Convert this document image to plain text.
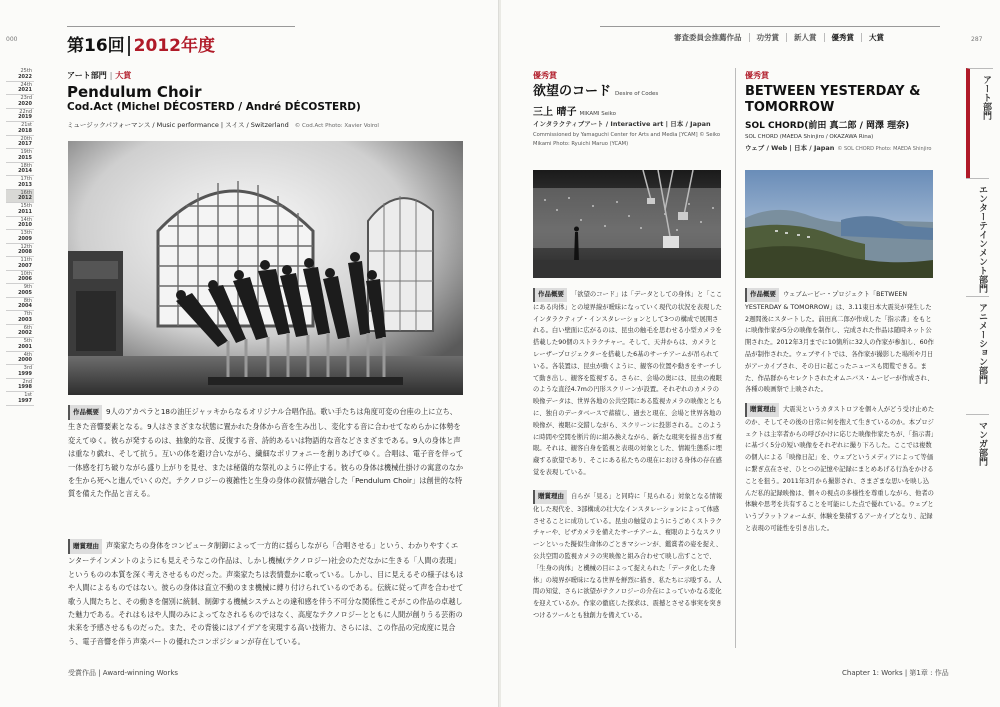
000
25th
2022
24th
2021
23rd
2020
22nd
2019
21st
2018
20th
2017
19th
2015
18th
2014
17th
2013
16th
2012
15th
2011
14th
2010
13th
2009
12th
2008
11th
2007
10th
2006
9th
2005
8th
2004
7th
2003
6th
2002
5th
2001
4th
2000
3rd
1999
2nd
1998
1st
1997
第16回 2012年度
アート部門 | 大賞
Pendulum Choir
Cod.Act (Michel DÉCOSTERD / André DÉCOSTERD)
ミュージックパフォーマンス / Music performance | スイス / Switzerland © Cod.Act Photo: Xavier Voirol
作品概要 9人のアカペラと18の油圧ジャッキからなるオリジナル合唱作品。歌い手たちは角度可変の台座の上に立ち、生きた音響要素となる。9人はさまざまな状態に置かれた身体から音を生み出し、変化する音に合わせてなめらかに体勢を変えてゆく。彼らが発するのは、抽象的な音、反復する音、詩的あるいは物語的な音などさまざまである。9人の身体と声は重なり戯れ、そして抗う。互いの体を避け合いながら、繊細なポリフォニーを創りあげてゆく。合唱は、電子音を伴って一体感を打ち破りながら盛り上がりを見せ、または秘儀的な祭礼のように停止する。彼らの身体は機械仕掛けの寓意のなかを生から死へと進んでいくのだ。テクノロジーの複雑性と生身の身体の叙情が融合した「Pendulum Choir」は創世的な特質を備えた作品と言える。
贈賞理由 声楽家たちの身体をコンピュータ制御によって一方的に揺らしながら「合唱させる」という、わかりやすくエンターテインメントのようにも見えそうなこの作品は、しかし機械(テクノロジー)社会のただなかに生きる「人間の表現」というものの本質を深く考えさせるものだった。声楽家たちは表情豊かに歌っている。しかし、目に見えるその様子はもはや人間によるものではない。彼らの身体は直立不動のまま機械に縛り付けられているのである。伝統に従って声を合わせて歌う人間たちと、その動きを個別に統制、制御する機械システムとの違和感を伴う不可分な関係性こそがこの作品の卓越した魅力である。それはもはや人間のみによってなされるものではなく、高度なテクノロジーとともに人間が創りうる芸術の未来を予感させるものだった。また、その背後にはアイデアを実現する高い技術力、さらには、この作品の完成度に見合う、電子音響を伴う声楽パートの優れたコンポジションが存在している。
受賞作品 | Award-winning Works
287
審査委員会推薦作品 功労賞 新人賞 優秀賞 大賞
優秀賞
欲望のコード Desire of Codes
三上 晴子 MIKAMI Seiko
インタラクティブアート / Interactive art | 日本 / Japan
Commissioned by Yamaguchi Center for Arts and Media [YCAM] © Seiko Mikami Photo: Ryuichi Maruo (YCAM)
作品概要 「欲望のコード」は「データとしての身体」と「ここにある肉体」との境界線が曖昧になっていく現代の状況を表現したインタラクティブ・インスタレーションとして3つの構成で展開される。白い壁面に広がるのは、昆虫の触毛を思わせる小型カメラを搭載した90個のストラクチャー。そして、天井からは、カメラとレーザープロジェクターを搭載した6基のサーチアームが吊られている。各装置は、昆虫が動くように、観客の位置や動きをサーチして動き出し、観客を監視する。さらに、会場の奥には、昆虫の複眼のような直径4.7mの円形スクリーンが設置。それぞれのカメラの映像データは、世界各地の公共空間にある監視カメラの映像とともに、独自のデータベースで蓄積し、過去と現在、会場と世界各地の映像が、複眼に交錯しながら、スクリーンに投影される。このように時間や空間を断片的に組み換えながら、新たな現実を描き出す複眼。それは、観客自身を監視と表現の対象とした、情報生態系に埋蔵する欲望であり、そこにある私たちの現在における身体の存在感覚を表現している。
贈賞理由 自らが「見る」と同時に「見られる」対象となる情報化した現代を、3部構成の壮大なインスタレーションによって体感させることに成功している。昆虫の触覚のようにうごめくストラクチャーや、ピザカメラを備えたサーチアーム、複眼のようなスクリーンといった擬似生命体のごときマシーンが、鑑賞者の姿を捉え、公共空間の監視カメラの実映像と組み合わせて映し出すことで、「生身の肉体」と機械の目によって捉えられた「データ化した身体」の境界が曖昧になる世界を鮮烈に描き、私たちに示唆する。人間の知覚、さらに欲望がテクノロジーの介在によっていかなる変化を迎えているか。作家の徹底した探求は、震撼とさせる事実を突きつけるツールとも独創力を備えている。
優秀賞
BETWEEN YESTERDAY & TOMORROW
SOL CHORD(前田 真二郎 / 岡澤 理奈)
SOL CHORD (MAEDA Shinjiro / OKAZAWA Rina)
ウェブ / Web | 日本 / Japan © SOL CHORD Photo: MAEDA Shinjiro
作品概要 ウェブムービー・プロジェクト「BETWEEN YESTERDAY & TOMORROW」は、3.11東日本大震災が発生した2週間後にスタートした。前田真二郎が作成した「指示書」をもとに映像作家が5分の映像を制作し、完成された作品は随時ネット公開された。2012年3月までに10箇所に32人の作家が参加し、60作品が制作された。ウェブサイトでは、各作家が撮影した場所や月日がアーカイブされ、その日に起こったニュースも閲覧できる。また、作品群からセレクトされたオムニバス・ムービーが作成され、各種の映画祭で上映された。
贈賞理由 大震災というカタストロフを個々人がどう受け止めたのか、そしてその後の日常に何を抱えて生きているのか。本プロジェクトは主宰者からの呼びかけに応じた映像作家たちが、「指示書」に基づく5分の短い映像をそれぞれに撮り下ろした。ここでは複数の個人による「映像日記」を、ウェブというメディアによって等価に繋ぎ点在させ、ひとつの記憶や記録にまとめあげる行為をかけることを狙う。2011年3月から撮影され、さまざまな思いを映し込んだ私的記録映像は、個々の視点の多様性を尊重しながら、他者の体験や思考を共有することを可能にした点で優れている。ウェブというプラットフォームが、体験を集積するアーカイブとなり、記録と表現の可能性を引き出した。
アート部門
エンターテインメント部門
アニメーション部門
マンガ部門
Chapter 1: Works | 第1章 : 作品
